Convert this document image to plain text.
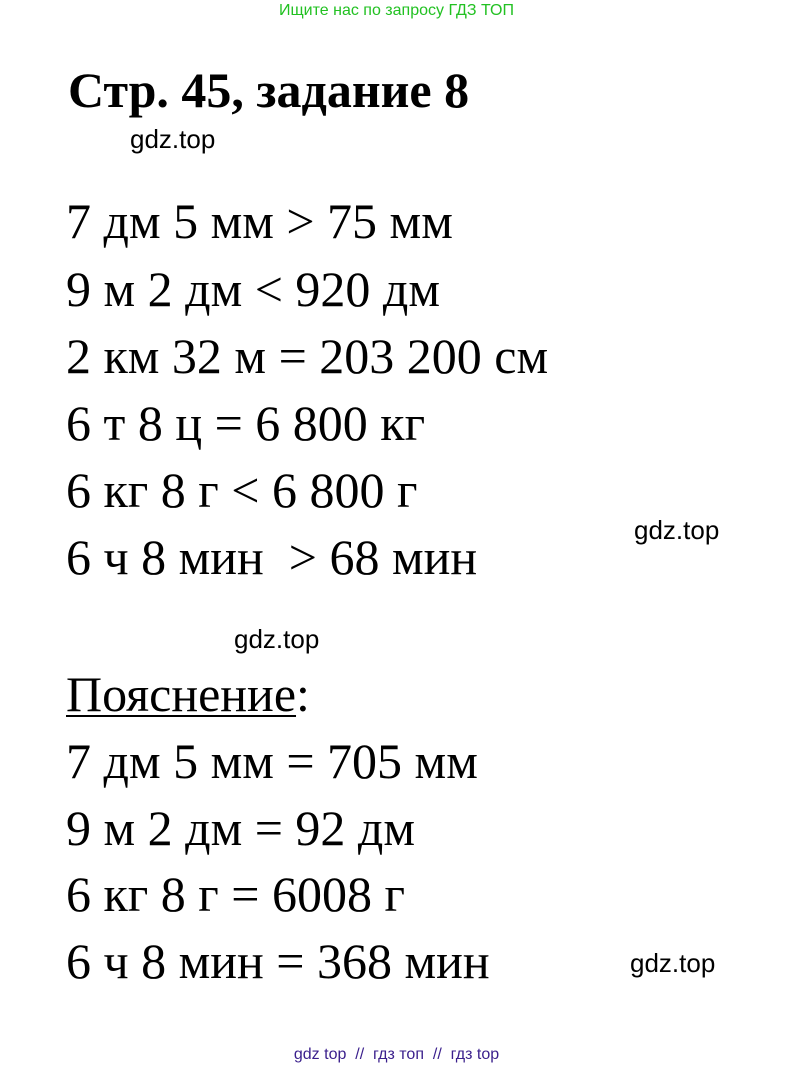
Ищите нас по запросу ГДЗ ТОП
Стр. 45, задание 8
gdz.top
7 дм 5 мм > 75 мм
9 м 2 дм < 920 дм
2 км 32 м = 203 200 см
6 т 8 ц = 6 800 кг
6 кг 8 г < 6 800 г
6 ч 8 мин  > 68 мин	gdz.top
gdz.top
Пояснение:
7 дм 5 мм = 705 мм
9 м 2 дм = 92 дм
6 кг 8 г = 6008 г
6 ч 8 мин = 368 мин	gdz.top
gdz top  //  гдз топ  //  гдз top
